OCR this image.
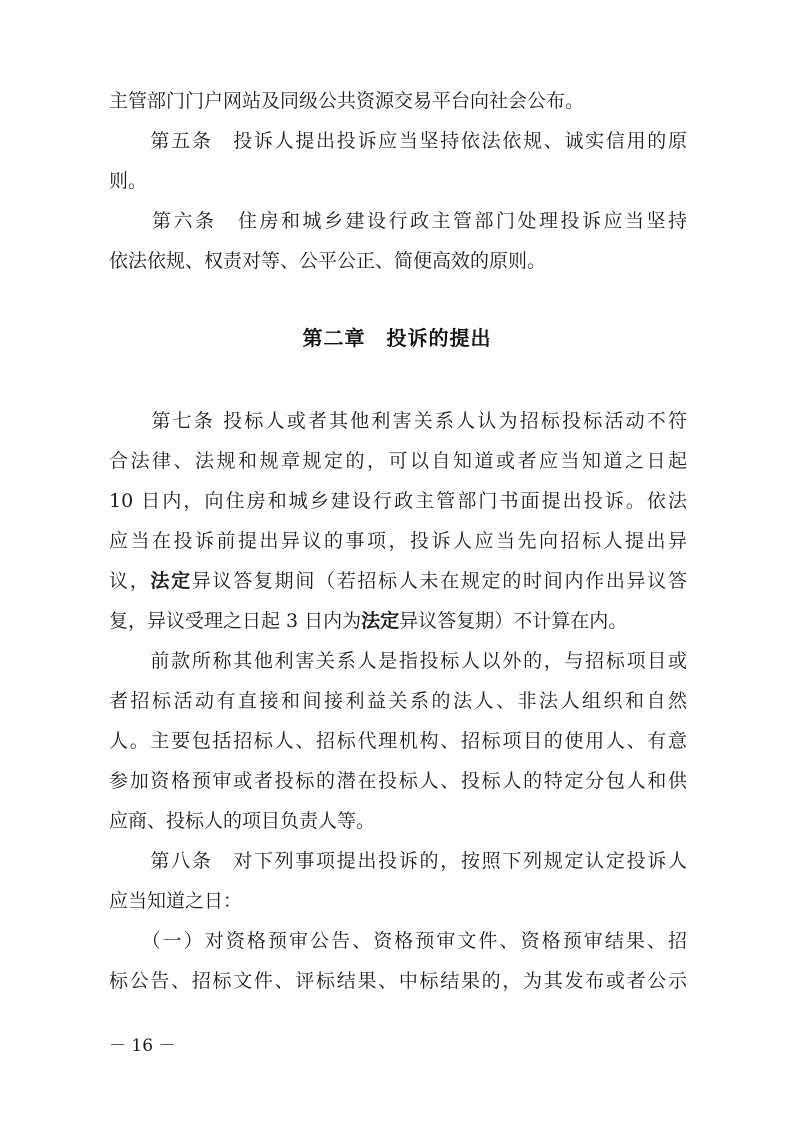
主管部门门户网站及同级公共资源交易平台向社会公布。
　　第五条　投诉人提出投诉应当坚持依法依规、诚实信用的原
则。
　　第六条　住房和城乡建设行政主管部门处理投诉应当坚持
依法依规、权责对等、公平公正、简便高效的原则。
第二章　投诉的提出
　　第七条 投标人或者其他利害关系人认为招标投标活动不符
合法律、法规和规章规定的，可以自知道或者应当知道之日起
10 日内，向住房和城乡建设行政主管部门书面提出投诉。依法
应当在投诉前提出异议的事项，投诉人应当先向招标人提出异
议，法定异议答复期间（若招标人未在规定的时间内作出异议答
复，异议受理之日起 3 日内为法定异议答复期）不计算在内。
　　前款所称其他利害关系人是指投标人以外的，与招标项目或
者招标活动有直接和间接利益关系的法人、非法人组织和自然
人。主要包括招标人、招标代理机构、招标项目的使用人、有意
参加资格预审或者投标的潜在投标人、投标人的特定分包人和供
应商、投标人的项目负责人等。
　　第八条　对下列事项提出投诉的，按照下列规定认定投诉人
应当知道之日：
　　（一）对资格预审公告、资格预审文件、资格预审结果、招
标公告、招标文件、评标结果、中标结果的，为其发布或者公示
－ 16 －
